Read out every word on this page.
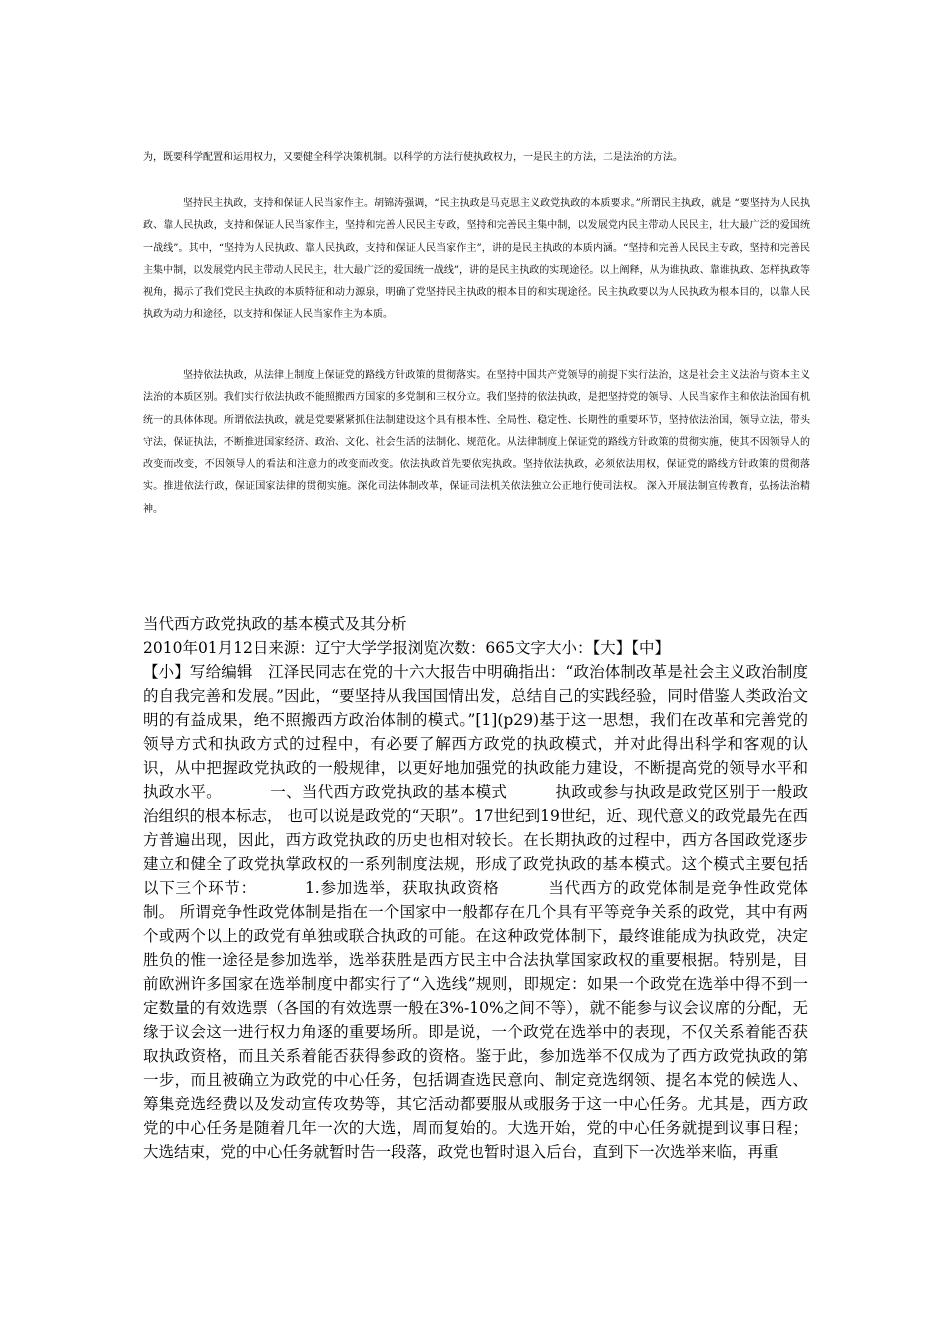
为，既要科学配置和运用权力，又要健全科学决策机制。以科学的方法行使执政权力，一是民主的方法，二是法治的方法。

坚持民主执政，支持和保证人民当家作主。胡锦涛强调，“民主执政是马克思主义政党执政的本质要求。”所谓民主执政，就是 “要坚持为人民执政、靠人民执政，支持和保证人民当家作主，坚持和完善人民民主专政，坚持和完善民主集中制，以发展党内民主带动人民民主，壮大最广泛的爱国统一战线”。其中，“坚持为人民执政、靠人民执政，支持和保证人民当家作主”，讲的是民主执政的本质内涵。“坚持和完善人民民主专政，坚持和完善民主集中制，以发展党内民主带动人民民主，壮大最广泛的爱国统一战线”，讲的是民主执政的实现途径。以上阐释，从为谁执政、靠谁执政、怎样执政等视角，揭示了我们党民主执政的本质特征和动力源泉，明确了党坚持民主执政的根本目的和实现途径。民主执政要以为人民执政为根本目的，以靠人民执政为动力和途径，以支持和保证人民当家作主为本质。

坚持依法执政，从法律上制度上保证党的路线方针政策的贯彻落实。在坚持中国共产党领导的前提下实行法治，这是社会主义法治与资本主义法治的本质区别。我们实行依法执政不能照搬西方国家的多党制和三权分立。我们坚持的依法执政，是把坚持党的领导、人民当家作主和依法治国有机统一的具体体现。所谓依法执政，就是党要紧紧抓住法制建设这个具有根本性、全局性、稳定性、长期性的重要环节，坚持依法治国，领导立法，带头守法，保证执法，不断推进国家经济、政治、文化、社会生活的法制化、规范化。从法律制度上保证党的路线方针政策的贯彻实施，使其不因领导人的改变而改变，不因领导人的看法和注意力的改变而改变。依法执政首先要依宪执政。坚持依法执政，必须依法用权，保证党的路线方针政策的贯彻落实。推进依法行政，保证国家法律的贯彻实施。深化司法体制改革，保证司法机关依法独立公正地行使司法权。 深入开展法制宣传教育，弘扬法治精神。

当代西方政党执政的基本模式及其分析
2010年01月12日来源：辽宁大学学报浏览次数：665文字大小：【大】【中】
【小】写给编辑　江泽民同志在党的十六大报告中明确指出：“政治体制改革是社会主义政治制度的自我完善和发展。”因此，“要坚持从我国国情出发，总结自己的实践经验，同时借鉴人类政治文明的有益成果，绝不照搬西方政治体制的模式。”[1](p29)基于这一思想，我们在改革和完善党的领导方式和执政方式的过程中，有必要了解西方政党的执政模式，并对此得出科学和客观的认识，从中把握政党执政的一般规律，以更好地加强党的执政能力建设，不断提高党的领导水平和执政水平。	一、当代西方政党执政的基本模式	执政或参与执政是政党区别于一般政治组织的根本标志， 也可以说是政党的“天职”。17世纪到19世纪，近、现代意义的政党最先在西方普遍出现，因此，西方政党执政的历史也相对较长。在长期执政的过程中，西方各国政党逐步建立和健全了政党执掌政权的一系列制度法规，形成了政党执政的基本模式。这个模式主要包括以下三个环节：	1.参加选举，获取执政资格	当代西方的政党体制是竞争性政党体制。 所谓竞争性政党体制是指在一个国家中一般都存在几个具有平等竞争关系的政党，其中有两个或两个以上的政党有单独或联合执政的可能。在这种政党体制下，最终谁能成为执政党，决定胜负的惟一途径是参加选举，选举获胜是西方民主中合法执掌国家政权的重要根据。特别是，目前欧洲许多国家在选举制度中都实行了“入选线”规则，即规定：如果一个政党在选举中得不到一定数量的有效选票（各国的有效选票一般在3%-10%之间不等），就不能参与议会议席的分配，无缘于议会这一进行权力角逐的重要场所。即是说，一个政党在选举中的表现，不仅关系着能否获取执政资格，而且关系着能否获得参政的资格。鉴于此，参加选举不仅成为了西方政党执政的第一步，而且被确立为政党的中心任务，包括调查选民意向、制定竞选纲领、提名本党的候选人、筹集竞选经费以及发动宣传攻势等，其它活动都要服从或服务于这一中心任务。尤其是，西方政党的中心任务是随着几年一次的大选，周而复始的。大选开始，党的中心任务就提到议事日程；大选结束，党的中心任务就暂时告一段落，政党也暂时退入后台，直到下一次选举来临，再重
